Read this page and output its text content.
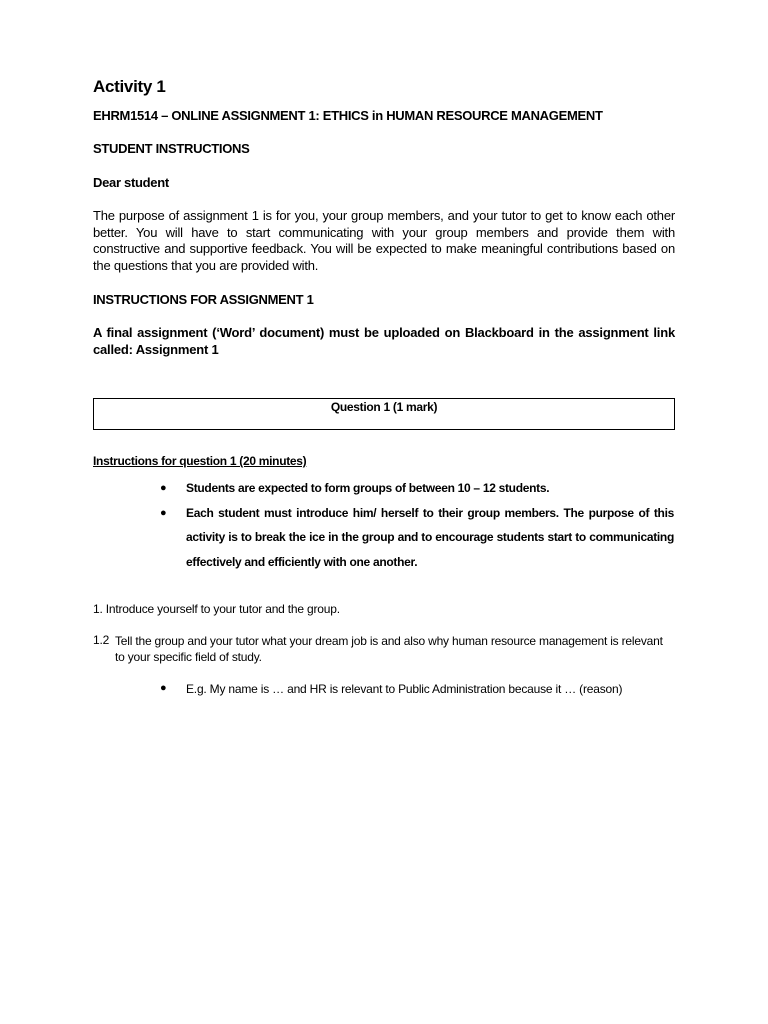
Activity 1
EHRM1514 – ONLINE ASSIGNMENT 1: ETHICS in HUMAN RESOURCE MANAGEMENT
STUDENT INSTRUCTIONS
Dear student
The purpose of assignment 1 is for you, your group members, and your tutor to get to know each other better. You will have to start communicating with your group members and provide them with constructive and supportive feedback. You will be expected to make meaningful contributions based on the questions that you are provided with.
INSTRUCTIONS FOR ASSIGNMENT 1
A final assignment (‘Word’ document) must be uploaded on Blackboard in the assignment link called: Assignment 1
Question 1 (1 mark)
Instructions for question 1 (20 minutes)
● Students are expected to form groups of between 10 – 12 students.
● Each student must introduce him/ herself to their group members. The purpose of this activity is to break the ice in the group and to encourage students start to communicating effectively and efficiently with one another.
1. Introduce yourself to your tutor and the group.
1.2 Tell the group and your tutor what your dream job is and also why human resource management is relevant to your specific field of study.
● E.g. My name is … and HR is relevant to Public Administration because it … (reason)
